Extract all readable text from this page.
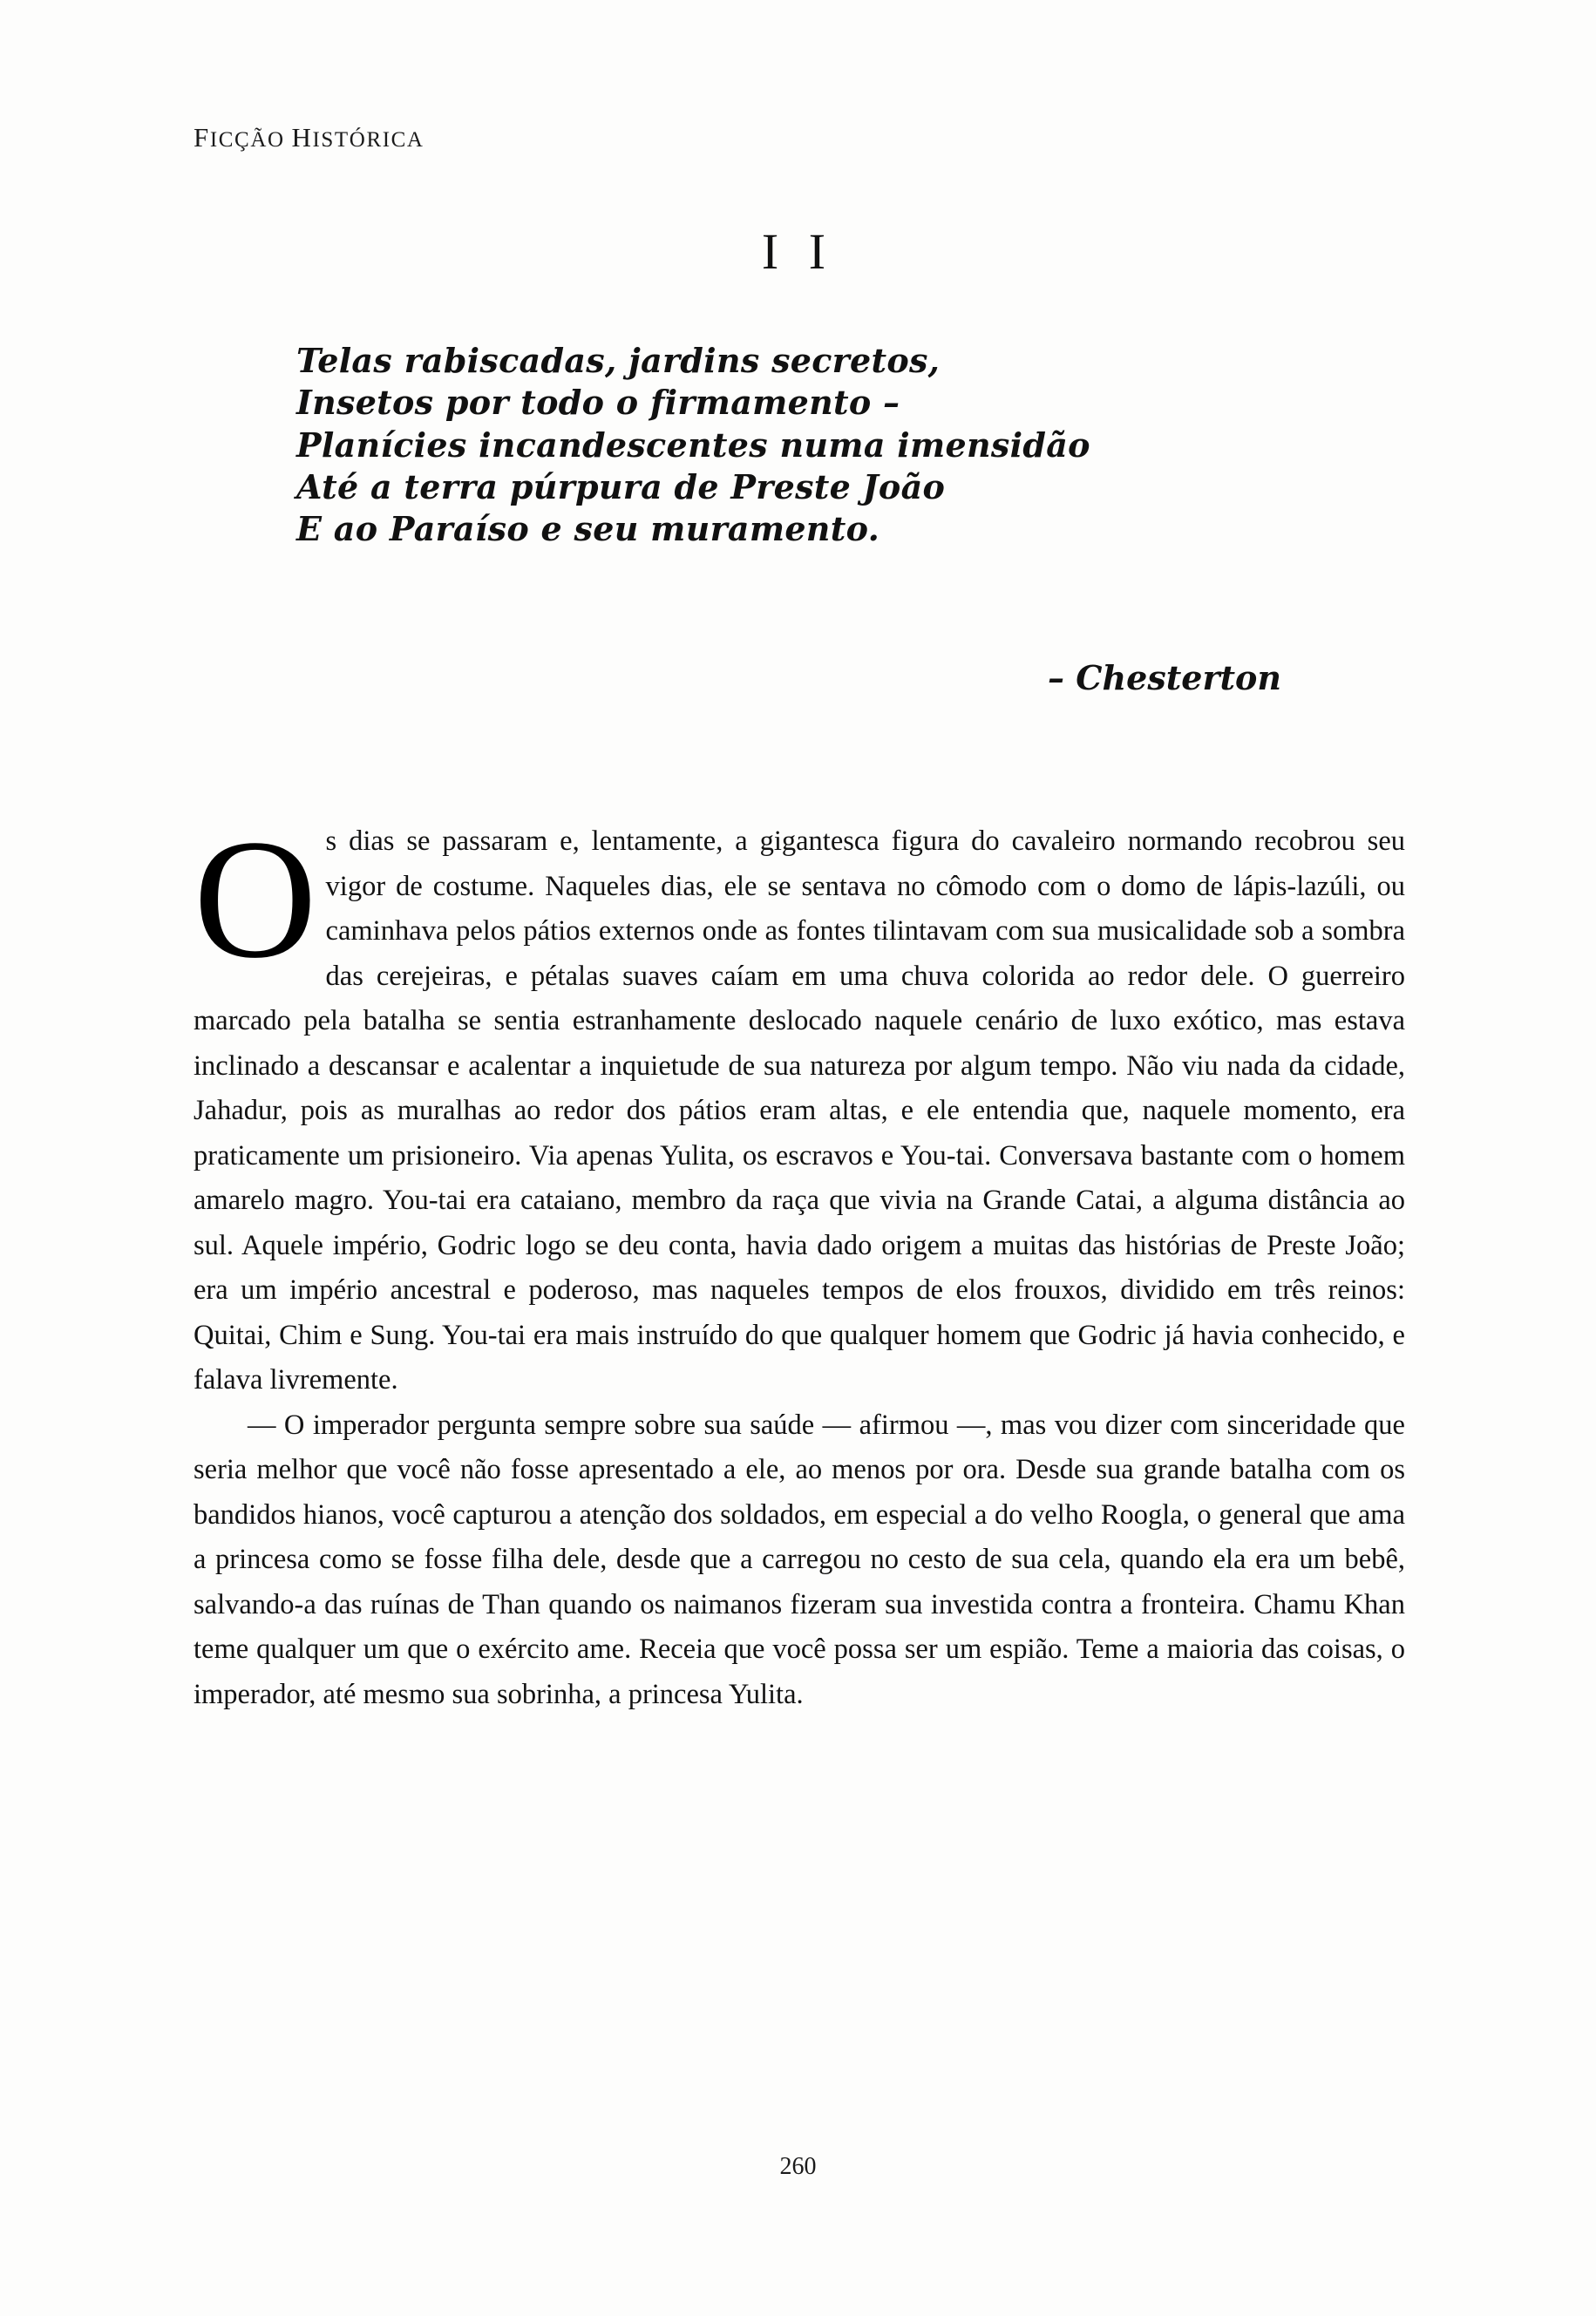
FICÇÃO HISTÓRICA
I I
Telas rabiscadas, jardins secretos,
Insetos por todo o firmamento –
Planícies incandescentes numa imensidão
Até a terra púrpura de Preste João
E ao Paraíso e seu muramento.
– Chesterton

Os dias se passaram e, lentamente, a gigantesca figura do cavaleiro normando recobrou seu vigor de costume. Naqueles dias, ele se sentava no cômodo com o domo de lápis-lazúli, ou caminhava pelos pátios externos onde as fontes tilintavam com sua musicalidade sob a sombra das cerejeiras, e pétalas suaves caíam em uma chuva colorida ao redor dele. O guerreiro marcado pela batalha se sentia estranhamente deslocado naquele cenário de luxo exótico, mas estava inclinado a descansar e acalentar a inquietude de sua natureza por algum tempo. Não viu nada da cidade, Jahadur, pois as muralhas ao redor dos pátios eram altas, e ele entendia que, naquele momento, era praticamente um prisioneiro. Via apenas Yulita, os escravos e You-tai. Conversava bastante com o homem amarelo magro. You-tai era cataiano, membro da raça que vivia na Grande Catai, a alguma distância ao sul. Aquele império, Godric logo se deu conta, havia dado origem a muitas das histórias de Preste João; era um império ancestral e poderoso, mas naqueles tempos de elos frouxos, dividido em três reinos: Quitai, Chim e Sung. You-tai era mais instruído do que qualquer homem que Godric já havia conhecido, e falava livremente.

— O imperador pergunta sempre sobre sua saúde — afirmou —, mas vou dizer com sinceridade que seria melhor que você não fosse apresentado a ele, ao menos por ora. Desde sua grande batalha com os bandidos hianos, você capturou a atenção dos soldados, em especial a do velho Roogla, o general que ama a princesa como se fosse filha dele, desde que a carregou no cesto de sua cela, quando ela era um bebê, salvando-a das ruínas de Than quando os naimanos fizeram sua investida contra a fronteira. Chamu Khan teme qualquer um que o exército ame. Receia que você possa ser um espião. Teme a maioria das coisas, o imperador, até mesmo sua sobrinha, a princesa Yulita.

260
